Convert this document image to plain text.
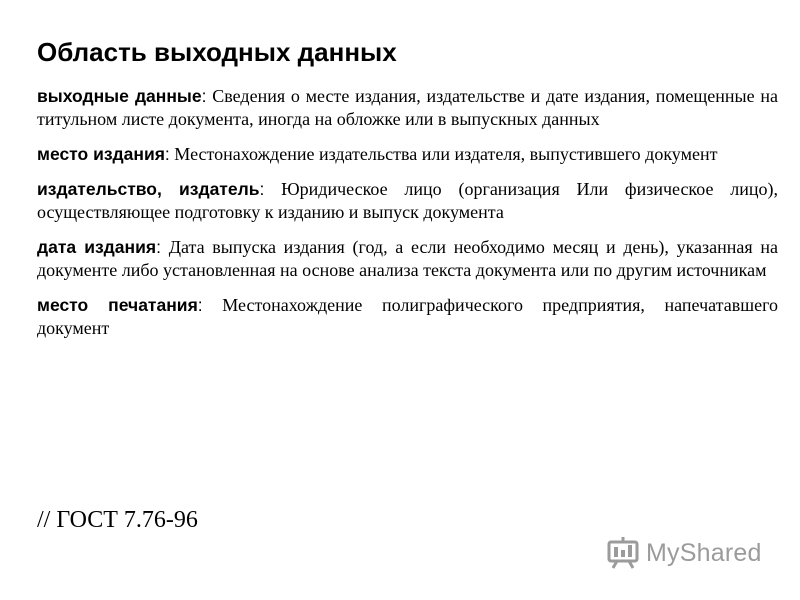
Область выходных данных

выходные данные: Сведения о месте издания, издательстве и дате издания, помещенные на титульном листе документа, иногда на обложке или в выпускных данных

место издания: Местонахождение издательства или издателя, выпустившего документ

издательство, издатель: Юридическое лицо (организация Или физическое лицо), осуществляющее подготовку к изданию и выпуск документа

дата издания: Дата выпуска издания (год, а если необходимо месяц и день), указанная на документе либо установленная на основе анализа текста документа или по другим источникам

место печатания: Местонахождение полиграфического предприятия, напечатавшего документ

// ГОСТ 7.76-96
MyShared
